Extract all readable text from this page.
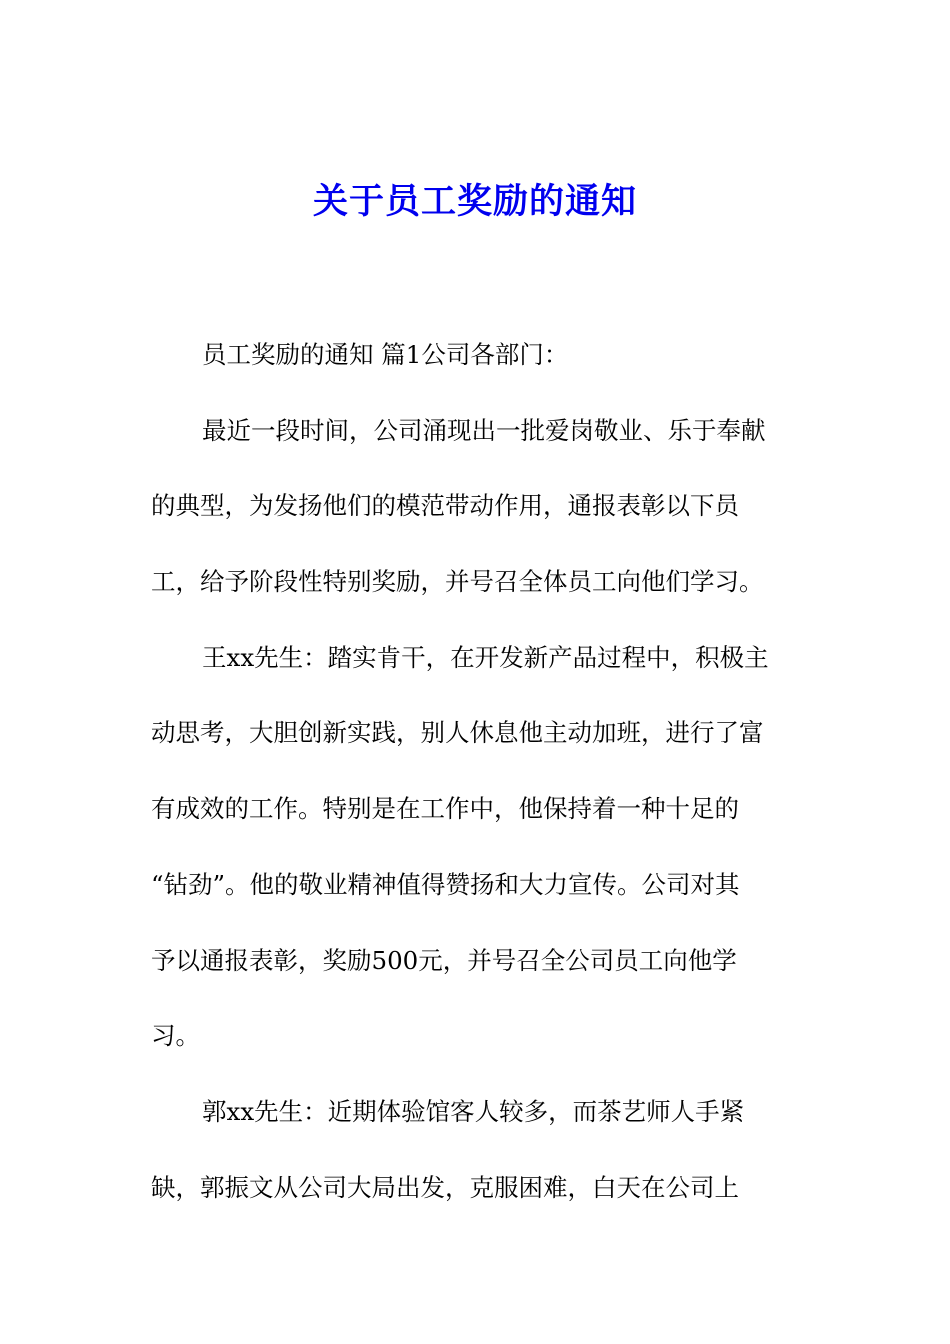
关于员工奖励的通知
员工奖励的通知 篇1公司各部门：
最近一段时间，公司涌现出一批爱岗敬业、乐于奉献
的典型，为发扬他们的模范带动作用，通报表彰以下员
工，给予阶段性特别奖励，并号召全体员工向他们学习。
王xx先生：踏实肯干，在开发新产品过程中，积极主
动思考，大胆创新实践，别人休息他主动加班，进行了富
有成效的工作。特别是在工作中，他保持着一种十足的
“钻劲”。他的敬业精神值得赞扬和大力宣传。公司对其
予以通报表彰，奖励500元，并号召全公司员工向他学
习。
郭xx先生：近期体验馆客人较多，而茶艺师人手紧
缺，郭振文从公司大局出发，克服困难，白天在公司上
